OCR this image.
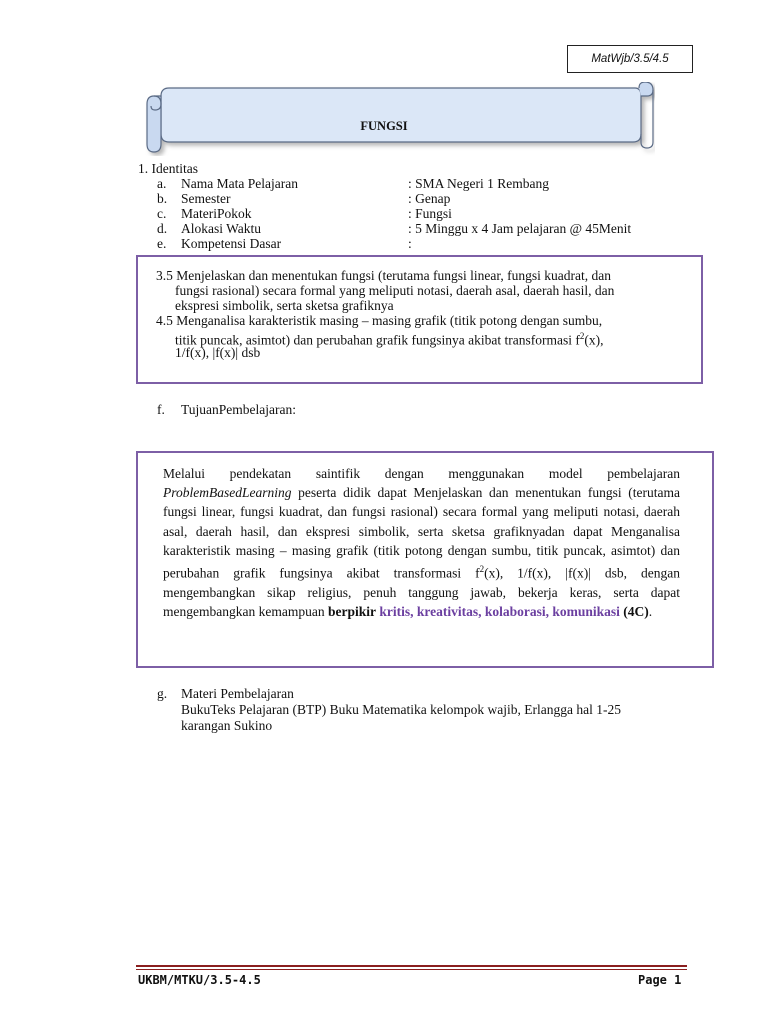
MatWjb/3.5/4.5
FUNGSI
1. Identitas
a. Nama Mata Pelajaran	: SMA Negeri 1 Rembang
b. Semester	: Genap
c. MateriPokok	: Fungsi
d. Alokasi Waktu	: 5 Minggu x 4 Jam pelajaran @ 45Menit
e. Kompetensi Dasar	:
3.5 Menjelaskan dan menentukan fungsi (terutama fungsi linear, fungsi kuadrat, dan
fungsi rasional) secara formal yang meliputi notasi, daerah asal, daerah hasil, dan
ekspresi simbolik, serta sketsa grafiknya
4.5 Menganalisa karakteristik masing – masing grafik (titik potong dengan sumbu,
titik puncak, asimtot) dan perubahan grafik fungsinya akibat transformasi $f^2(x)$,
1/f(x), |f(x)| dsb
f. TujuanPembelajaran:
Melalui pendekatan saintifik dengan menggunakan model pembelajaran ProblemBasedLearning peserta didik dapat Menjelaskan dan menentukan fungsi (terutama fungsi linear, fungsi kuadrat, dan fungsi rasional) secara formal yang meliputi notasi, daerah asal, daerah hasil, dan ekspresi simbolik, serta sketsa grafiknyadan dapat Menganalisa karakteristik masing – masing grafik (titik potong dengan sumbu, titik puncak, asimtot) dan perubahan grafik fungsinya akibat transformasi $f^2(x)$, 1/f(x), |f(x)| dsb, dengan mengembangkan sikap religius, penuh tanggung jawab, bekerja keras, serta dapat mengembangkan kemampuan berpikir kritis, kreativitas, kolaborasi, komunikasi (4C).
g. Materi Pembelajaran
BukuTeks Pelajaran (BTP) Buku Matematika kelompok wajib, Erlangga hal 1-25
karangan Sukino
UKBM/MTKU/3.5-4.5	Page 1
